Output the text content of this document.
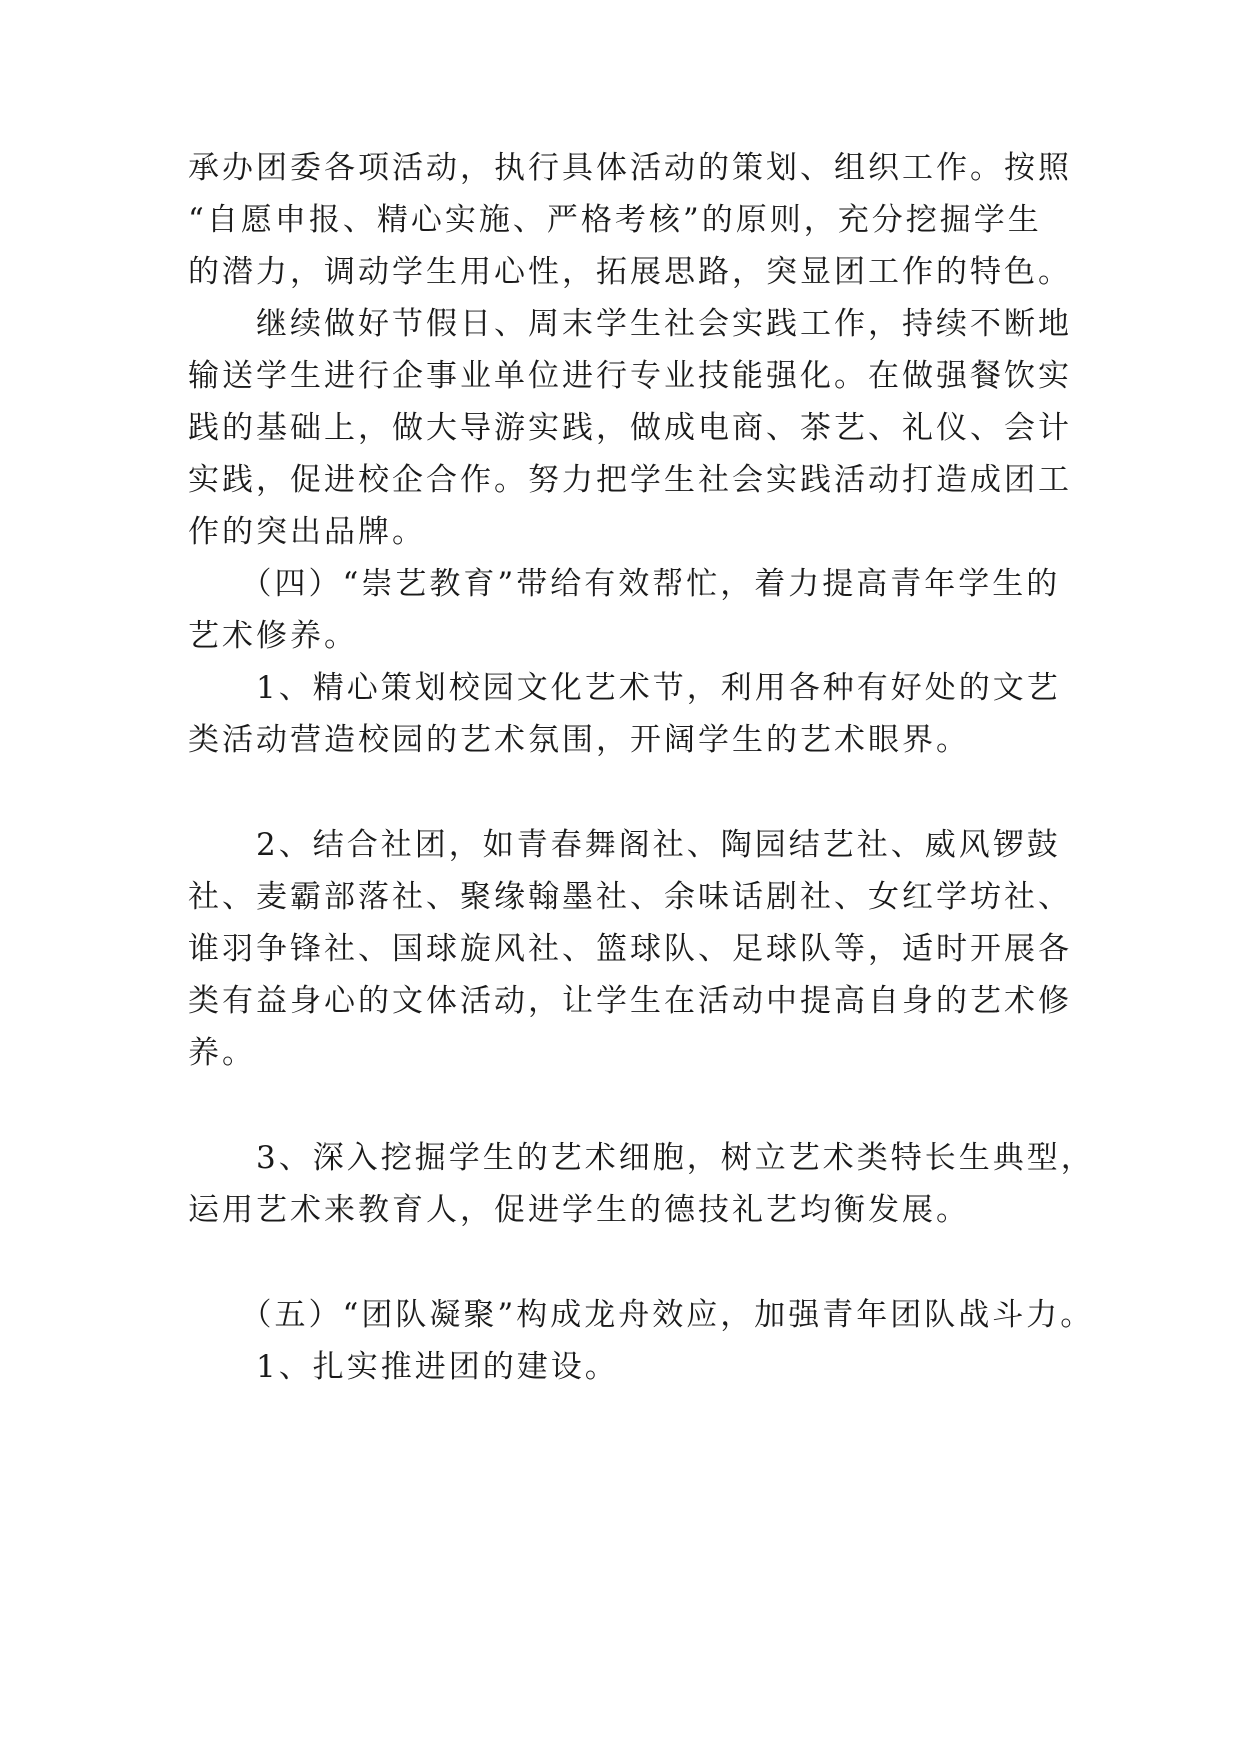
承办团委各项活动，执行具体活动的策划、组织工作。按照
“自愿申报、精心实施、严格考核”的原则，充分挖掘学生
的潜力，调动学生用心性，拓展思路，突显团工作的特色。
　　继续做好节假日、周末学生社会实践工作，持续不断地
输送学生进行企事业单位进行专业技能强化。在做强餐饮实
践的基础上，做大导游实践，做成电商、茶艺、礼仪、会计
实践，促进校企合作。努力把学生社会实践活动打造成团工
作的突出品牌。
　　（四）“崇艺教育”带给有效帮忙，着力提高青年学生的
艺术修养。
　　1、精心策划校园文化艺术节，利用各种有好处的文艺
类活动营造校园的艺术氛围，开阔学生的艺术眼界。
　　2、结合社团，如青春舞阁社、陶园结艺社、威风锣鼓
社、麦霸部落社、聚缘翰墨社、余味话剧社、女红学坊社、
谁羽争锋社、国球旋风社、篮球队、足球队等，适时开展各
类有益身心的文体活动，让学生在活动中提高自身的艺术修
养。
　　3、深入挖掘学生的艺术细胞，树立艺术类特长生典型，
运用艺术来教育人，促进学生的德技礼艺均衡发展。
　　（五）“团队凝聚”构成龙舟效应，加强青年团队战斗力。
　　1、扎实推进团的建设。
